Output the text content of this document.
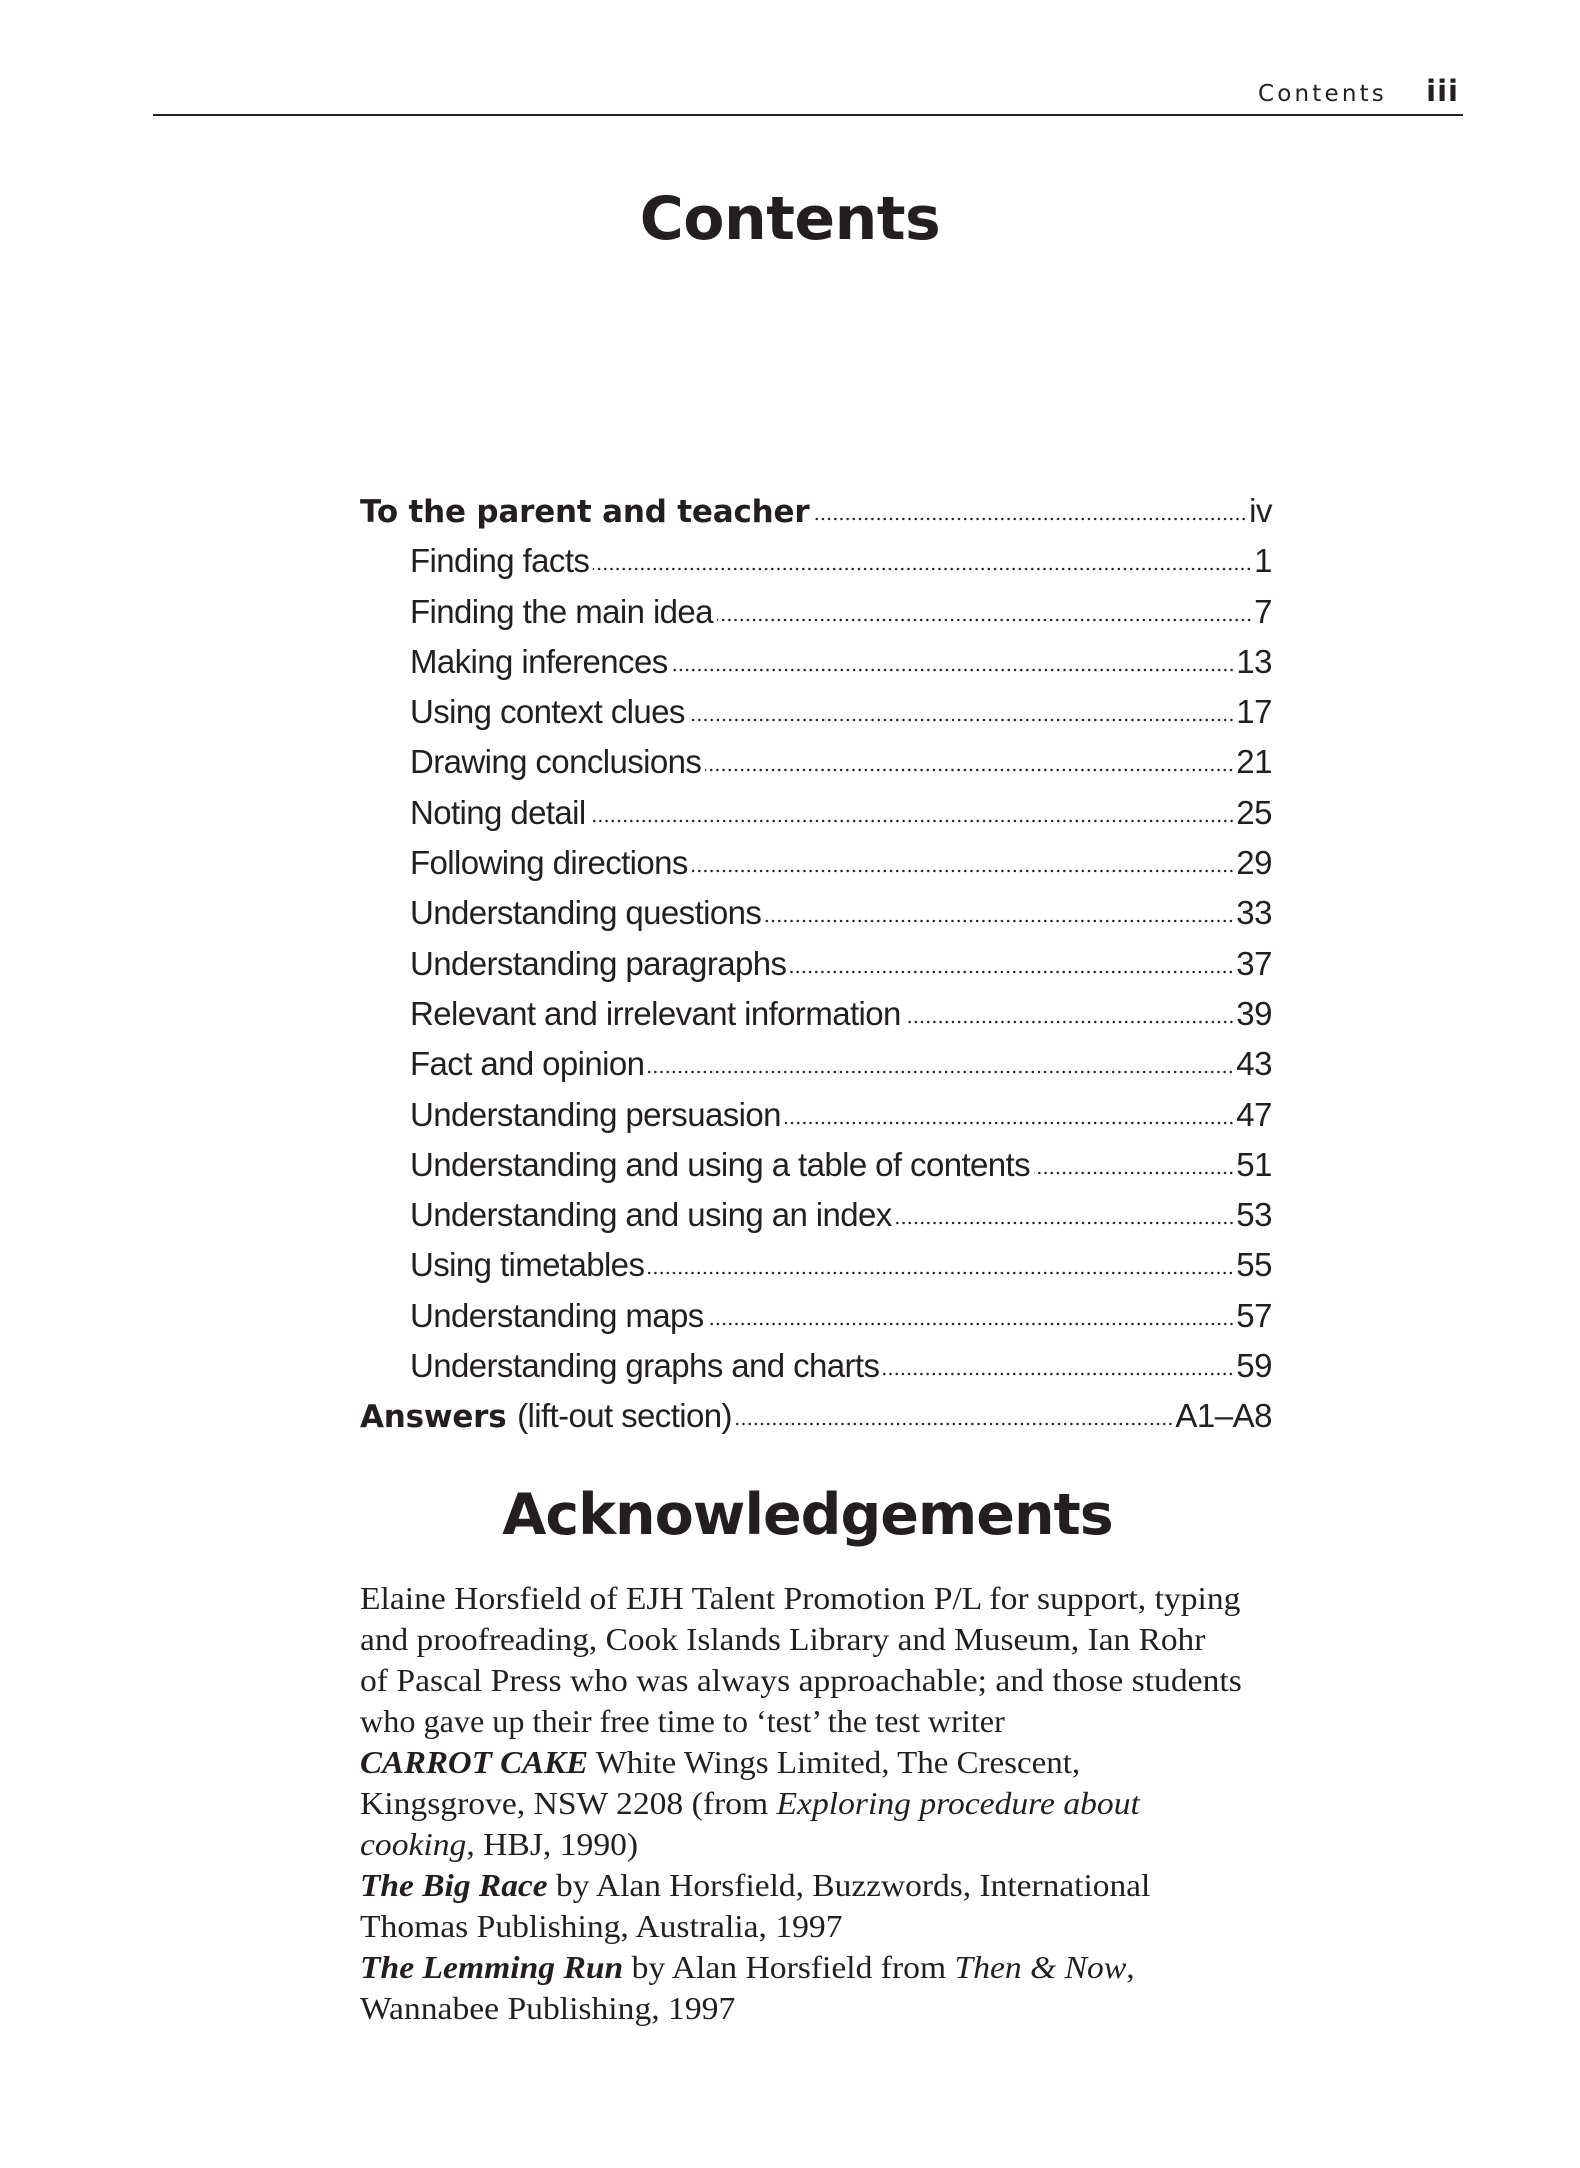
Contents iii
Contents
To the parent and teacher	iv
Finding facts	1
Finding the main idea	7
Making inferences	13
Using context clues	17
Drawing conclusions	21
Noting detail	25
Following directions	29
Understanding questions	33
Understanding paragraphs	37
Relevant and irrelevant information	39
Fact and opinion	43
Understanding persuasion	47
Understanding and using a table of contents	51
Understanding and using an index	53
Using timetables	55
Understanding maps	57
Understanding graphs and charts	59
Answers (lift-out section)	A1–A8
Acknowledgements
Elaine Horsfield of EJH Talent Promotion P/L for support, typing
and proofreading, Cook Islands Library and Museum, Ian Rohr
of Pascal Press who was always approachable; and those students
who gave up their free time to ‘test’ the test writer
CARROT CAKE White Wings Limited, The Crescent,
Kingsgrove, NSW 2208 (from Exploring procedure about
cooking, HBJ, 1990)
The Big Race by Alan Horsfield, Buzzwords, International
Thomas Publishing, Australia, 1997
The Lemming Run by Alan Horsfield from Then & Now,
Wannabee Publishing, 1997
